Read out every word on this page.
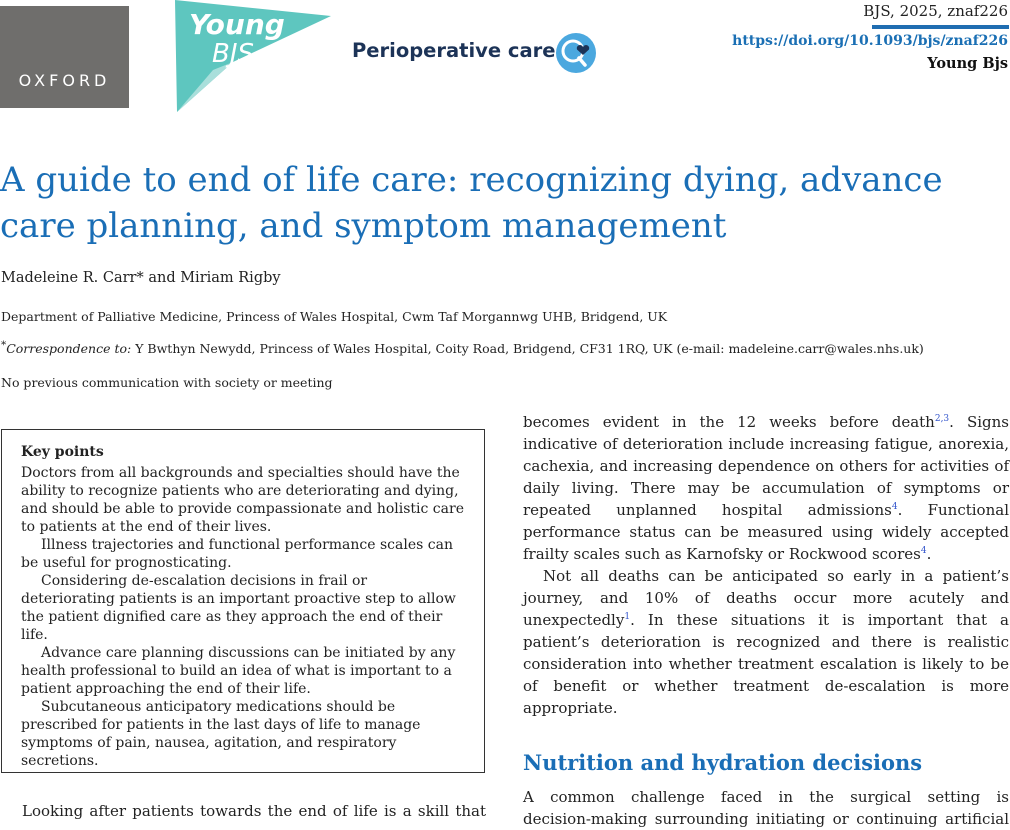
OXFORD
Young
BJS	Perioperative care
BJS, 2025, znaf226
https://doi.org/10.1093/bjs/znaf226
Young Bjs
A guide to end of life care: recognizing dying, advance care planning, and symptom management
Madeleine R. Carr* and Miriam Rigby
Department of Palliative Medicine, Princess of Wales Hospital, Cwm Taf Morgannwg UHB, Bridgend, UK
*Correspondence to: Y Bwthyn Newydd, Princess of Wales Hospital, Coity Road, Bridgend, CF31 1RQ, UK (e-mail: madeleine.carr@wales.nhs.uk)
No previous communication with society or meeting
Key points

Doctors from all backgrounds and specialties should have the ability to recognize patients who are deteriorating and dying, and should be able to provide compassionate and holistic care to patients at the end of their lives.

Illness trajectories and functional performance scales can be useful for prognosticating.

Considering de-escalation decisions in frail or deteriorating patients is an important proactive step to allow the patient dignified care as they approach the end of their life.

Advance care planning discussions can be initiated by any health professional to build an idea of what is important to a patient approaching the end of their life.

Subcutaneous anticipatory medications should be prescribed for patients in the last days of life to manage symptoms of pain, nausea, agitation, and respiratory secretions.

Looking after patients towards the end of life is a skill that

becomes evident in the 12 weeks before death$^{2,3}$. Signs indicative of deterioration include increasing fatigue, anorexia, cachexia, and increasing dependence on others for activities of daily living. There may be accumulation of symptoms or repeated unplanned hospital admissions$^4$. Functional performance status can be measured using widely accepted frailty scales such as Karnofsky or Rockwood scores$^4$.

Not all deaths can be anticipated so early in a patient’s journey, and 10% of deaths occur more acutely and unexpectedly$^1$. In these situations it is important that a patient’s deterioration is recognized and there is realistic consideration into whether treatment escalation is likely to be of benefit or whether treatment de-escalation is more appropriate.

Nutrition and hydration decisions
A common challenge faced in the surgical setting is
decision-making surrounding initiating or continuing artificial
